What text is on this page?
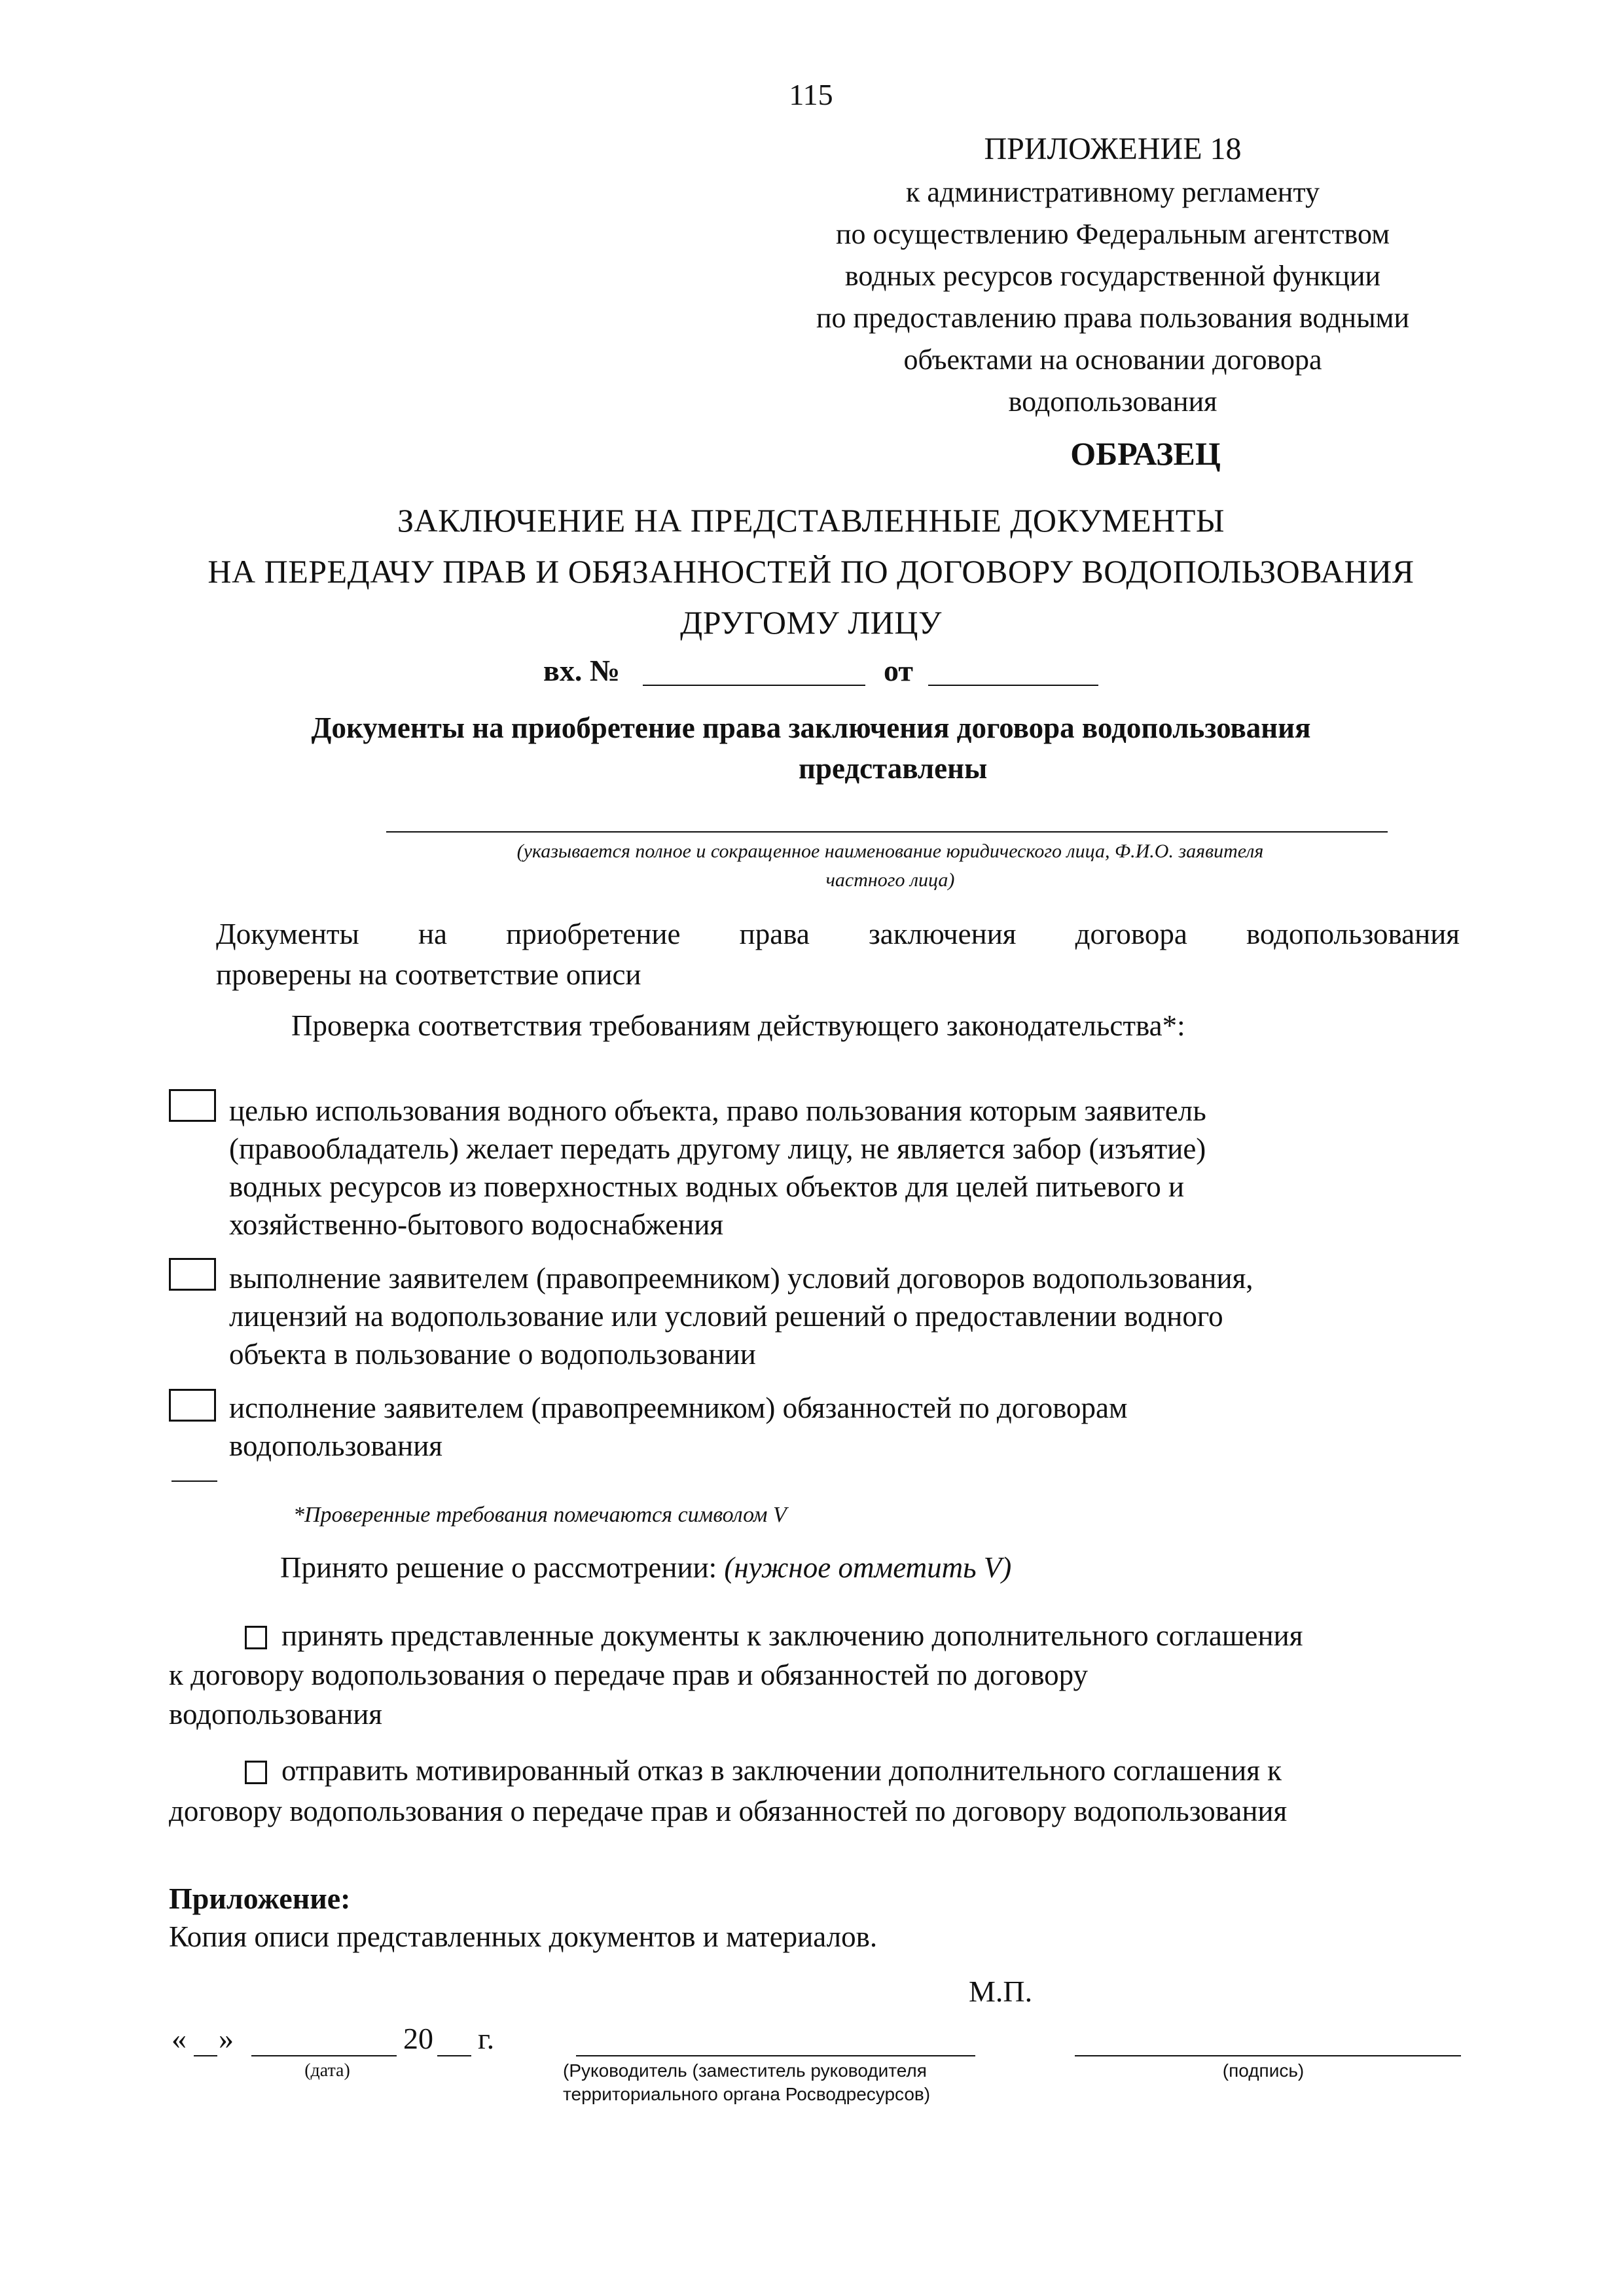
115
ПРИЛОЖЕНИЕ 18
к административному регламенту
по осуществлению Федеральным агентством
водных ресурсов государственной функции
по предоставлению права пользования водными
объектами на основании договора
водопользования
ОБРАЗЕЦ
ЗАКЛЮЧЕНИЕ НА ПРЕДСТАВЛЕННЫЕ ДОКУМЕНТЫ
НА ПЕРЕДАЧУ ПРАВ И ОБЯЗАННОСТЕЙ ПО ДОГОВОРУ ВОДОПОЛЬЗОВАНИЯ
ДРУГОМУ ЛИЦУ
вх. №	от
Документы на приобретение права заключения договора водопользования
представлены
(указывается полное и сокращенное наименование юридического лица, Ф.И.О. заявителя
частного лица)
Документы на приобретение права заключения договора водопользования
проверены на соответствие описи
Проверка соответствия требованиям действующего законодательства*:
целью использования водного объекта, право пользования которым заявитель
(правообладатель) желает передать другому лицу, не является забор (изъятие)
водных ресурсов из поверхностных водных объектов для целей питьевого и
хозяйственно-бытового водоснабжения
выполнение заявителем (правопреемником) условий договоров водопользования,
лицензий на водопользование или условий решений о предоставлении водного
объекта в пользование о водопользовании
исполнение заявителем (правопреемником) обязанностей по договорам
водопользования
*Проверенные требования помечаются символом V
Принято решение о рассмотрении: (нужное отметить V)
принять представленные документы к заключению дополнительного соглашения
к договору водопользования о передаче прав и обязанностей по договору
водопользования
отправить мотивированный отказ в заключении дополнительного соглашения к
договору водопользования о передаче прав и обязанностей по договору водопользования
Приложение:
Копия описи представленных документов и материалов.
М.П.
« »	20 г.
(дата)	(Руководитель (заместитель руководителя
территориального органа Росводресурсов)
(подпись)
